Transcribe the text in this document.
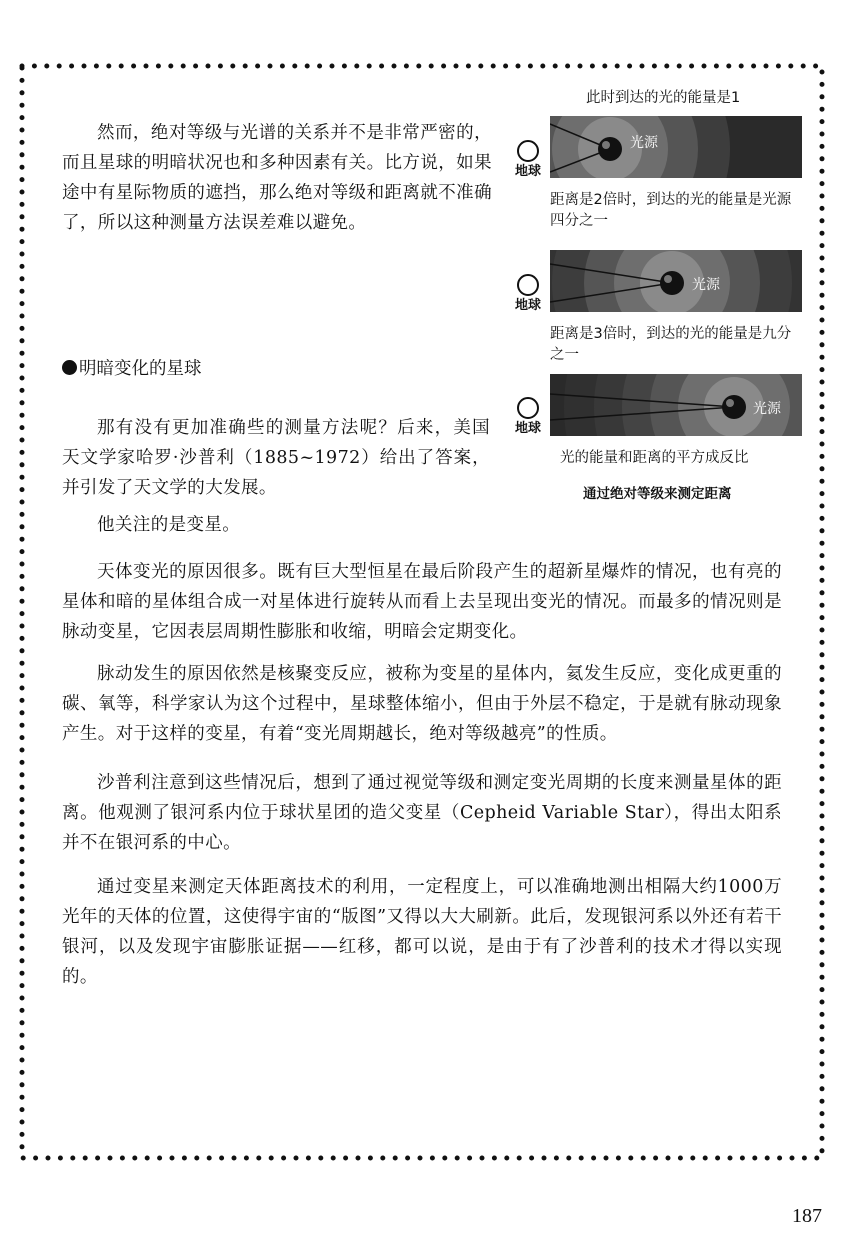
然而，绝对等级与光谱的关系并不是非常严密的，而且星球的明暗状况也和多种因素有关。比方说，如果途中有星际物质的遮挡，那么绝对等级和距离就不准确了，所以这种测量方法误差难以避免。

明暗变化的星球

那有没有更加准确些的测量方法呢？后来，美国天文学家哈罗·沙普利（1885~1972）给出了答案，并引发了天文学的大发展。

他关注的是变星。

天体变光的原因很多。既有巨大型恒星在最后阶段产生的超新星爆炸的情况，也有亮的星体和暗的星体组合成一对星体进行旋转从而看上去呈现出变光的情况。而最多的情况则是脉动变星，它因表层周期性膨胀和收缩，明暗会定期变化。

脉动发生的原因依然是核聚变反应，被称为变星的星体内，氦发生反应，变化成更重的碳、氧等，科学家认为这个过程中，星球整体缩小，但由于外层不稳定，于是就有脉动现象产生。对于这样的变星，有着“变光周期越长，绝对等级越亮”的性质。

沙普利注意到这些情况后，想到了通过视觉等级和测定变光周期的长度来测量星体的距离。他观测了银河系内位于球状星团的造父变星（Cepheid Variable Star），得出太阳系并不在银河系的中心。

通过变星来测定天体距离技术的利用，一定程度上，可以准确地测出相隔大约1000万光年的天体的位置，这使得宇宙的“版图”又得以大大刷新。此后，发现银河系以外还有若干银河，以及发现宇宙膨胀证据——红移，都可以说，是由于有了沙普利的技术才得以实现的。

此时到达的光的能量是1

地球
光源

距离是2倍时，到达的光的能量是光源四分之一

地球
光源

距离是3倍时，到达的光的能量是九分之一

地球
光源

光的能量和距离的平方成反比

通过绝对等级来测定距离

187
